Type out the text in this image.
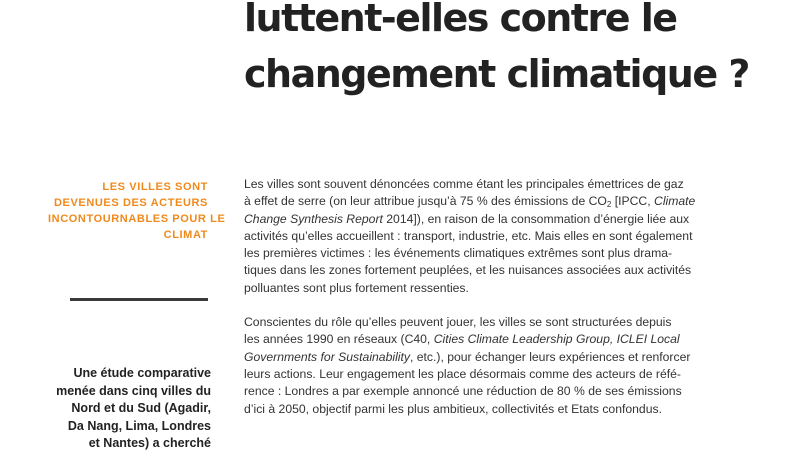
luttent-elles contre le
changement climatique ?
LES VILLES SONT
DEVENUES DES ACTEURS
INCONTOURNABLES POUR LE
CLIMAT
Une étude comparative
menée dans cinq villes du
Nord et du Sud (Agadir,
Da Nang, Lima, Londres
et Nantes) a cherché

Les villes sont souvent dénoncées comme étant les principales émettrices de gaz
à effet de serre (on leur attribue jusqu’à 75 % des émissions de $CO_2$ [IPCC, Climate
Change Synthesis Report 2014]), en raison de la consommation d’énergie liée aux
activités qu’elles accueillent : transport, industrie, etc. Mais elles en sont également
les premières victimes : les événements climatiques extrêmes sont plus drama-
tiques dans les zones fortement peuplées, et les nuisances associées aux activités
polluantes sont plus fortement ressenties.

Conscientes du rôle qu’elles peuvent jouer, les villes se sont structurées depuis
les années 1990 en réseaux (C40, Cities Climate Leadership Group, ICLEI Local
Governments for Sustainability, etc.), pour échanger leurs expériences et renforcer
leurs actions. Leur engagement les place désormais comme des acteurs de réfé-
rence : Londres a par exemple annoncé une réduction de 80 % de ses émissions
d’ici à 2050, objectif parmi les plus ambitieux, collectivités et Etats confondus.
